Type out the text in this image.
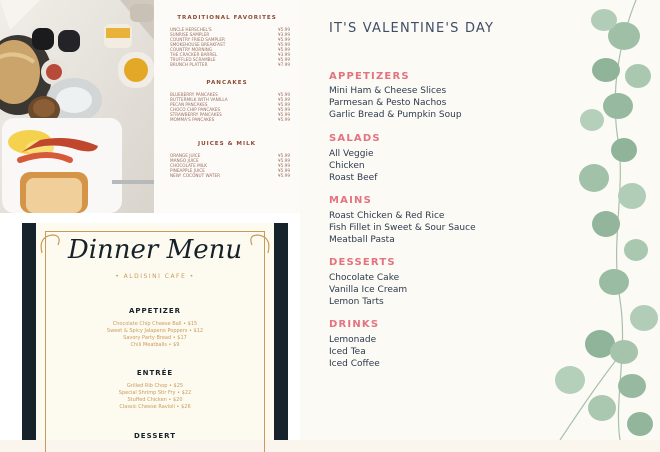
TRADITIONAL FAVORITES
UNCLE HERSCHEL'S	¥5.99
SUNRISE SAMPLER	¥3.99
COUNTRY FRIED SAMPLER	¥5.99
SMOKEHOUSE BREAKFAST	¥5.99
COUNTRY MORNING	¥5.99
THE CRACKER BARREL	¥3.99
TRUFFLED SCRAMBLE	¥5.99
BRUNCH PLATTER	¥7.99
PANCAKES
BLUEBERRY PANCAKES	¥5.99
BUTTERMILK WITH VANILLA	¥5.99
PECAN PANCAKES	¥5.99
CHOCO CHIP PANCAKES	¥5.99
STRAWBERRY PANCAKES	¥5.99
MOMMA'S PANCAKES	¥5.99
JUICES & MILK
ORANGE JUICE	¥5.99
MANGO JUICE	¥5.99
CHOCOLATE MILK	¥5.99
PINEAPPLE JUICE	¥5.99
NEW! COCONUT WATER	¥5.99
Dinner Menu
• ALDISINI CAFE •
APPETIZER
Chocolate Chip Cheese Ball • $15
Sweet & Spicy Jalapeno Poppers • $12
Savory Party Bread • $17
Chili Meatballs • $9
ENTRÉE
Grilled Rib Chop • $25
Special Shrimp Stir Fry • $22
Stuffed Chicken • $20
Classic Cheese Ravioli • $26
DESSERT
IT'S VALENTINE'S DAY
APPETIZERS
Mini Ham & Cheese Slices
Parmesan & Pesto Nachos
Garlic Bread & Pumpkin Soup
SALADS
All Veggie
Chicken
Roast Beef
MAINS
Roast Chicken & Red Rice
Fish Fillet in Sweet & Sour Sauce
Meatball Pasta
DESSERTS
Chocolate Cake
Vanilla Ice Cream
Lemon Tarts
DRINKS
Lemonade
Iced Tea
Iced Coffee
